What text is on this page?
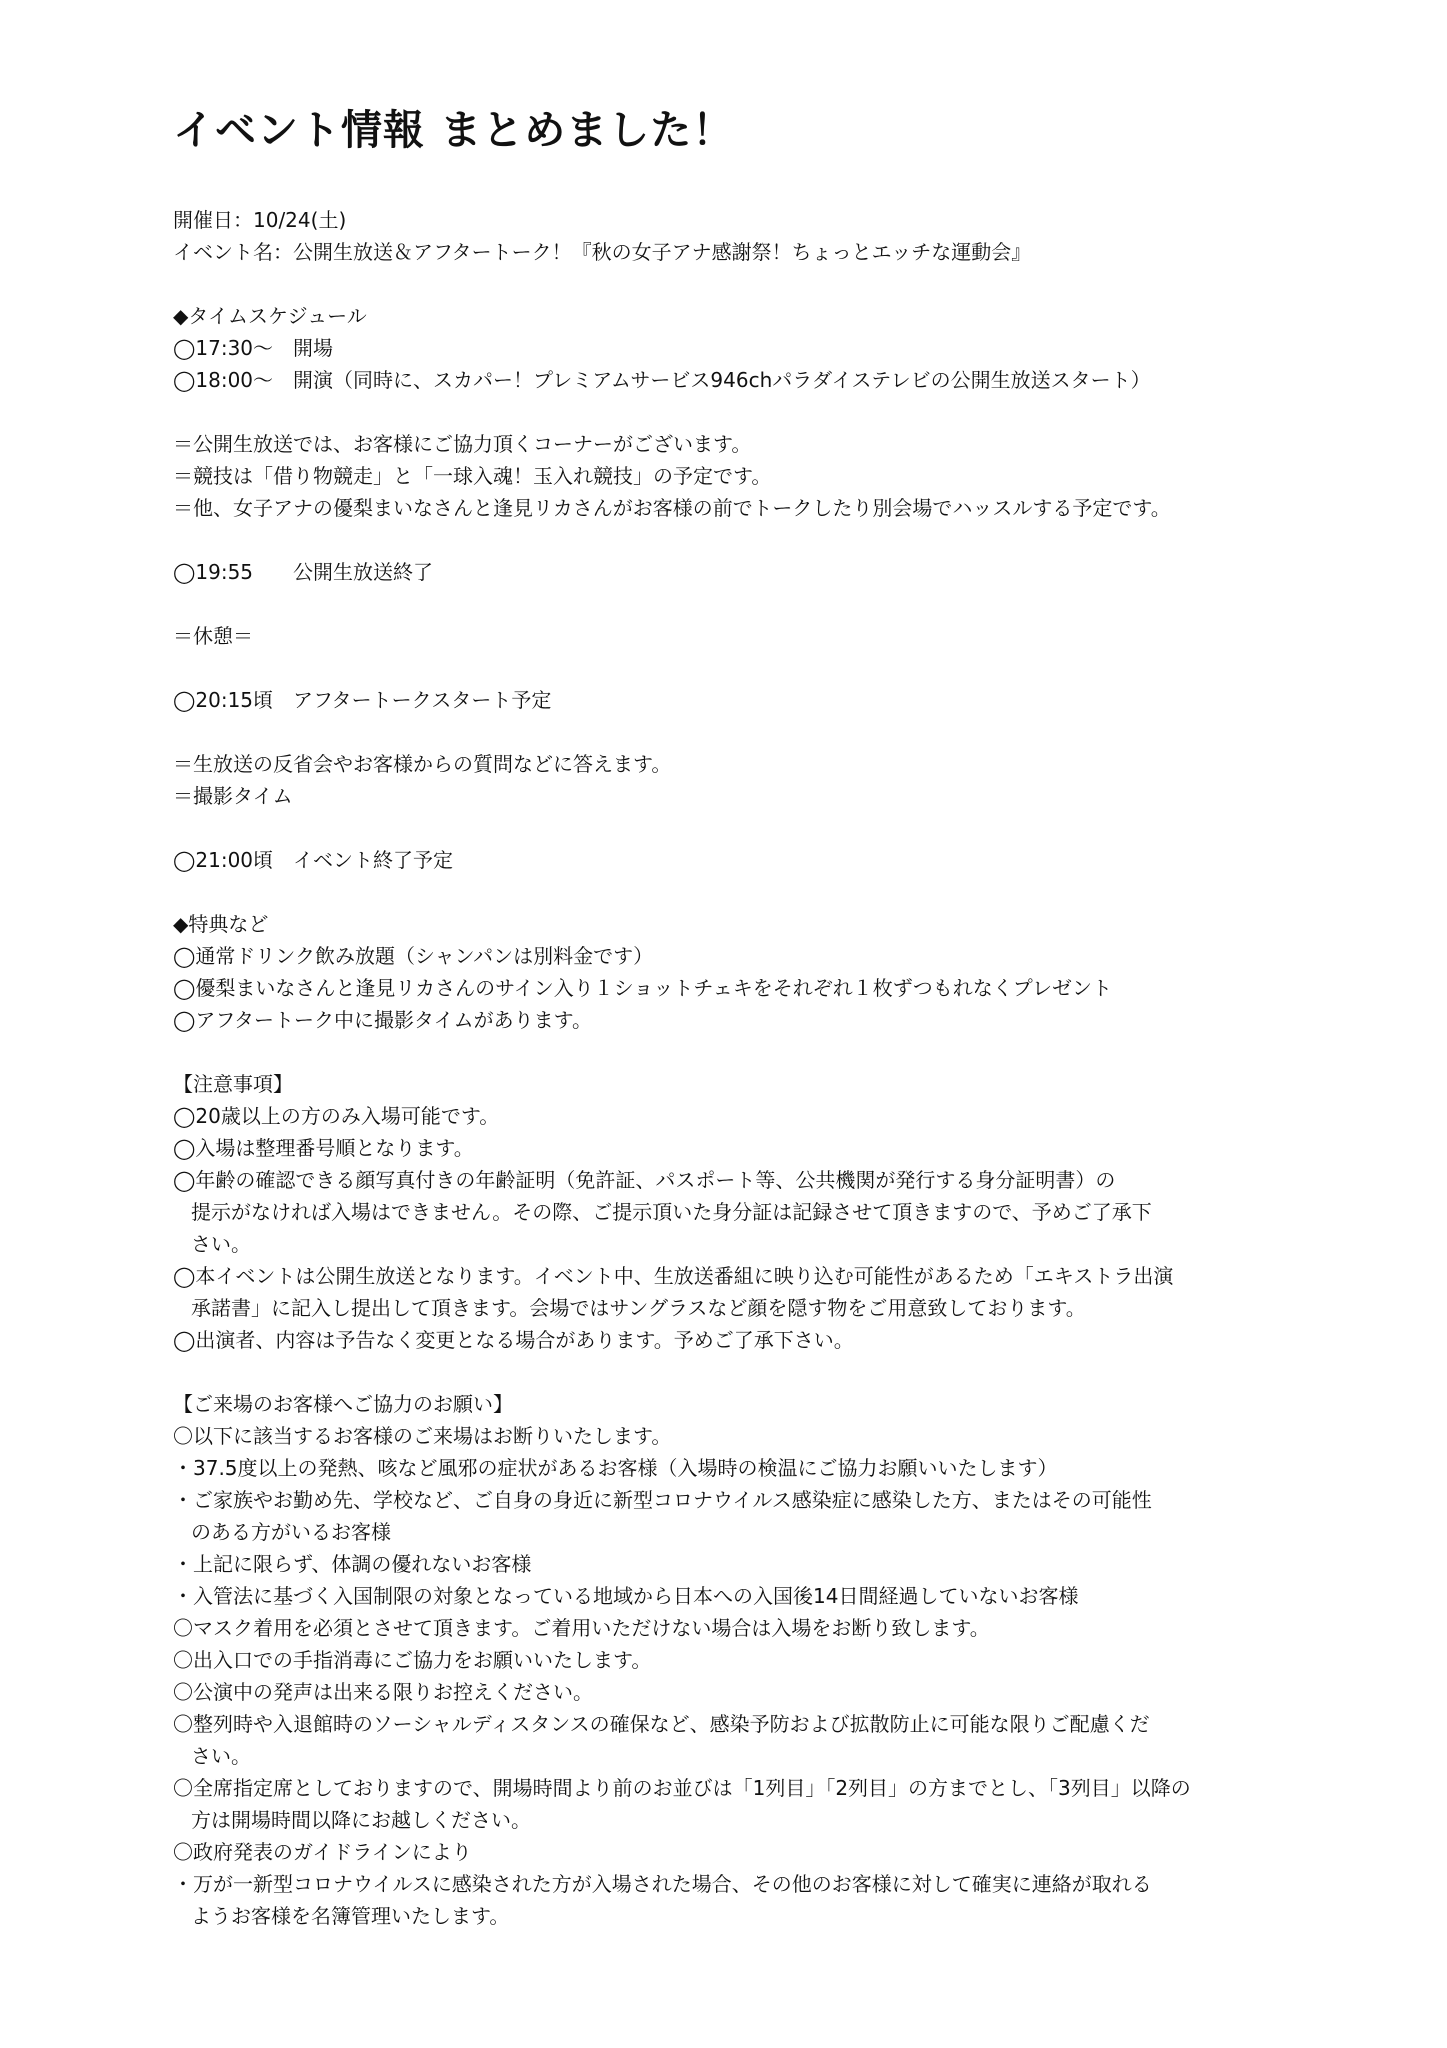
イベント情報 まとめました！
開催日：10/24(土)
イベント名：公開生放送＆アフタートーク！『秋の女子アナ感謝祭！ちょっとエッチな運動会』
◆タイムスケジュール
◯17:30～　開場
◯18:00～　開演（同時に、スカパー！プレミアムサービス946chパラダイステレビの公開生放送スタート）
＝公開生放送では、お客様にご協力頂くコーナーがございます。
＝競技は「借り物競走」と「一球入魂！玉入れ競技」の予定です。
＝他、女子アナの優梨まいなさんと逢見リカさんがお客様の前でトークしたり別会場でハッスルする予定です。
◯19:55　　公開生放送終了
＝休憩＝
◯20:15頃　アフタートークスタート予定
＝生放送の反省会やお客様からの質問などに答えます。
＝撮影タイム
◯21:00頃　イベント終了予定
◆特典など
◯通常ドリンク飲み放題（シャンパンは別料金です）
◯優梨まいなさんと逢見リカさんのサイン入り１ショットチェキをそれぞれ１枚ずつもれなくプレゼント
◯アフタートーク中に撮影タイムがあります。
【注意事項】
◯20歳以上の方のみ入場可能です。
◯入場は整理番号順となります。
◯年齢の確認できる顔写真付きの年齢証明（免許証、パスポート等、公共機関が発行する身分証明書）の
提示がなければ入場はできません。その際、ご提示頂いた身分証は記録させて頂きますので、予めご了承下
さい。
◯本イベントは公開生放送となります。イベント中、生放送番組に映り込む可能性があるため「エキストラ出演
承諾書」に記入し提出して頂きます。会場ではサングラスなど顔を隠す物をご用意致しております。
◯出演者、内容は予告なく変更となる場合があります。予めご了承下さい。
【ご来場のお客様へご協力のお願い】
〇以下に該当するお客様のご来場はお断りいたします。
・37.5度以上の発熱、咳など風邪の症状があるお客様（入場時の検温にご協力お願いいたします）
・ご家族やお勤め先、学校など、ご自身の身近に新型コロナウイルス感染症に感染した方、またはその可能性
のある方がいるお客様
・上記に限らず、体調の優れないお客様
・入管法に基づく入国制限の対象となっている地域から日本への入国後14日間経過していないお客様
〇マスク着用を必須とさせて頂きます。ご着用いただけない場合は入場をお断り致します。
〇出入口での手指消毒にご協力をお願いいたします。
〇公演中の発声は出来る限りお控えください。
〇整列時や入退館時のソーシャルディスタンスの確保など、感染予防および拡散防止に可能な限りご配慮くだ
さい。
〇全席指定席としておりますので、開場時間より前のお並びは「1列目」「2列目」の方までとし、「3列目」以降の
方は開場時間以降にお越しください。
〇政府発表のガイドラインにより
・万が一新型コロナウイルスに感染された方が入場された場合、その他のお客様に対して確実に連絡が取れる
ようお客様を名簿管理いたします。
